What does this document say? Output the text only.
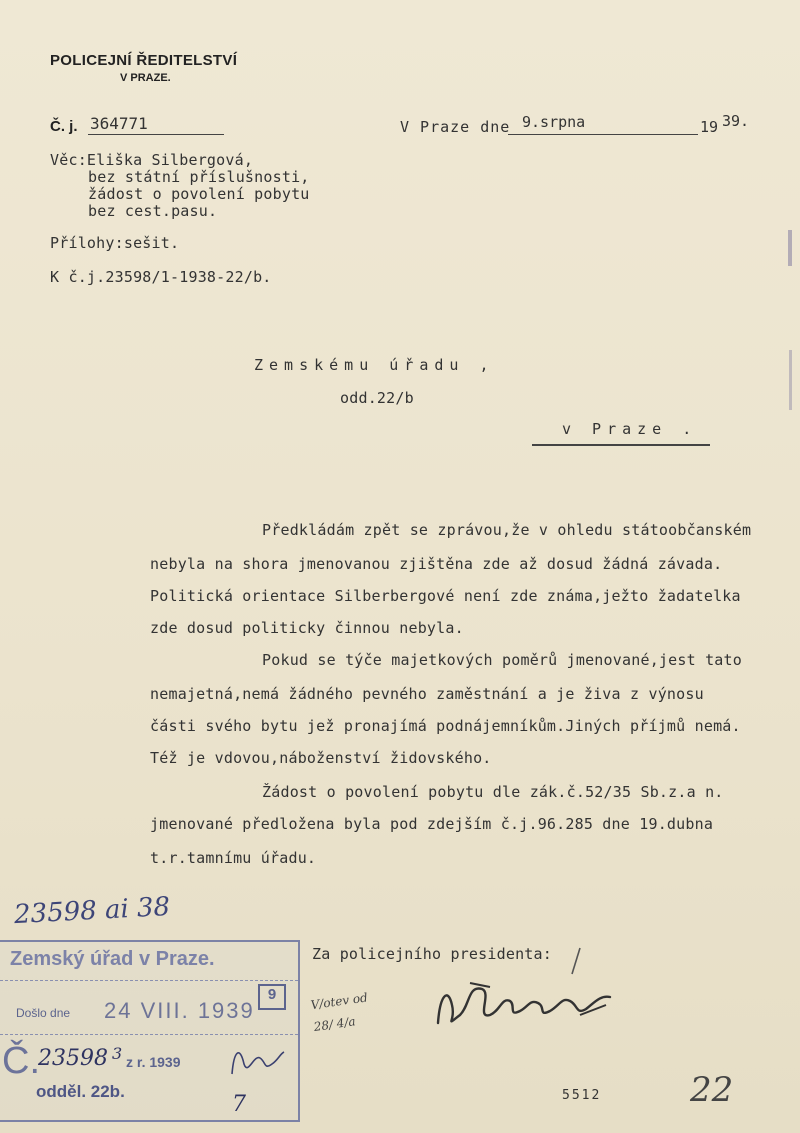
POLICEJNÍ ŘEDITELSTVÍ
V PRAZE.
Č. j. 364771	V Praze dne 9.srpna	19 39.
Věc:Eliška Silbergová,
bez státní příslušnosti,
žádost o povolení pobytu
bez cest.pasu.
Přílohy:sešit.
K č.j.23598/1-1938-22/b.
Zemskému úřadu ,
odd.22/b
v Praze .
Předkládám zpět se zprávou,že v ohledu státoobčanském
nebyla na shora jmenovanou zjištěna zde až dosud žádná závada.
Politická orientace Silberbergové není zde známa,ježto žadatelka
zde dosud politicky činnou nebyla.
Pokud se týče majetkových poměrů jmenované,jest tato
nemajetná,nemá žádného pevného zaměstnání a je živa z výnosu
části svého bytu jež pronajímá podnájemníkům.Jiných příjmů nemá.
Též je vdovou,náboženství židovského.
Žádost o povolení pobytu dle zák.č.52/35 Sb.z.a n.
jmenované předložena byla pod zdejším č.j.96.285 dne 19.dubna
t.r.tamnímu úřadu.
Za policejního presidenta:
V/otev od 28/ 4/a
5512	22
23598 ai 38
Zemský úřad v Praze.
9
Došlo dne 24 VIII. 1939
Č.
23598 3 z r. 1939
odděl. 22b.
7
